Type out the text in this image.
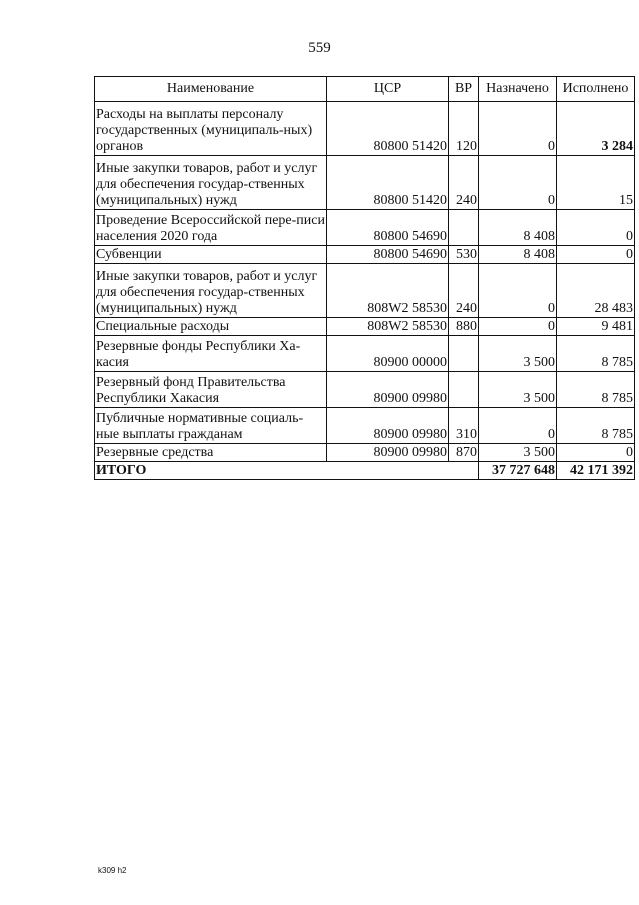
559
Наименование	ЦСР	ВР	Назначено	Исполнено
Расходы на выплаты персоналу государственных (муниципаль-ных) органов	80800 51420	120	0	3 284
Иные закупки товаров, работ и услуг для обеспечения государ-ственных (муниципальных) нужд	80800 51420	240	0	15
Проведение Всероссийской пере-писи населения 2020 года	80800 54690		8 408	0
Субвенции	80800 54690	530	8 408	0
Иные закупки товаров, работ и услуг для обеспечения государ-ственных (муниципальных) нужд	808W2 58530	240	0	28 483
Специальные расходы	808W2 58530	880	0	9 481
Резервные фонды Республики Ха-касия	80900 00000		3 500	8 785
Резервный фонд Правительства Республики Хакасия	80900 09980		3 500	8 785
Публичные нормативные социаль-ные выплаты гражданам	80900 09980	310	0	8 785
Резервные средства	80900 09980	870	3 500	0
ИТОГО			37 727 648	42 171 392
k309 h2
